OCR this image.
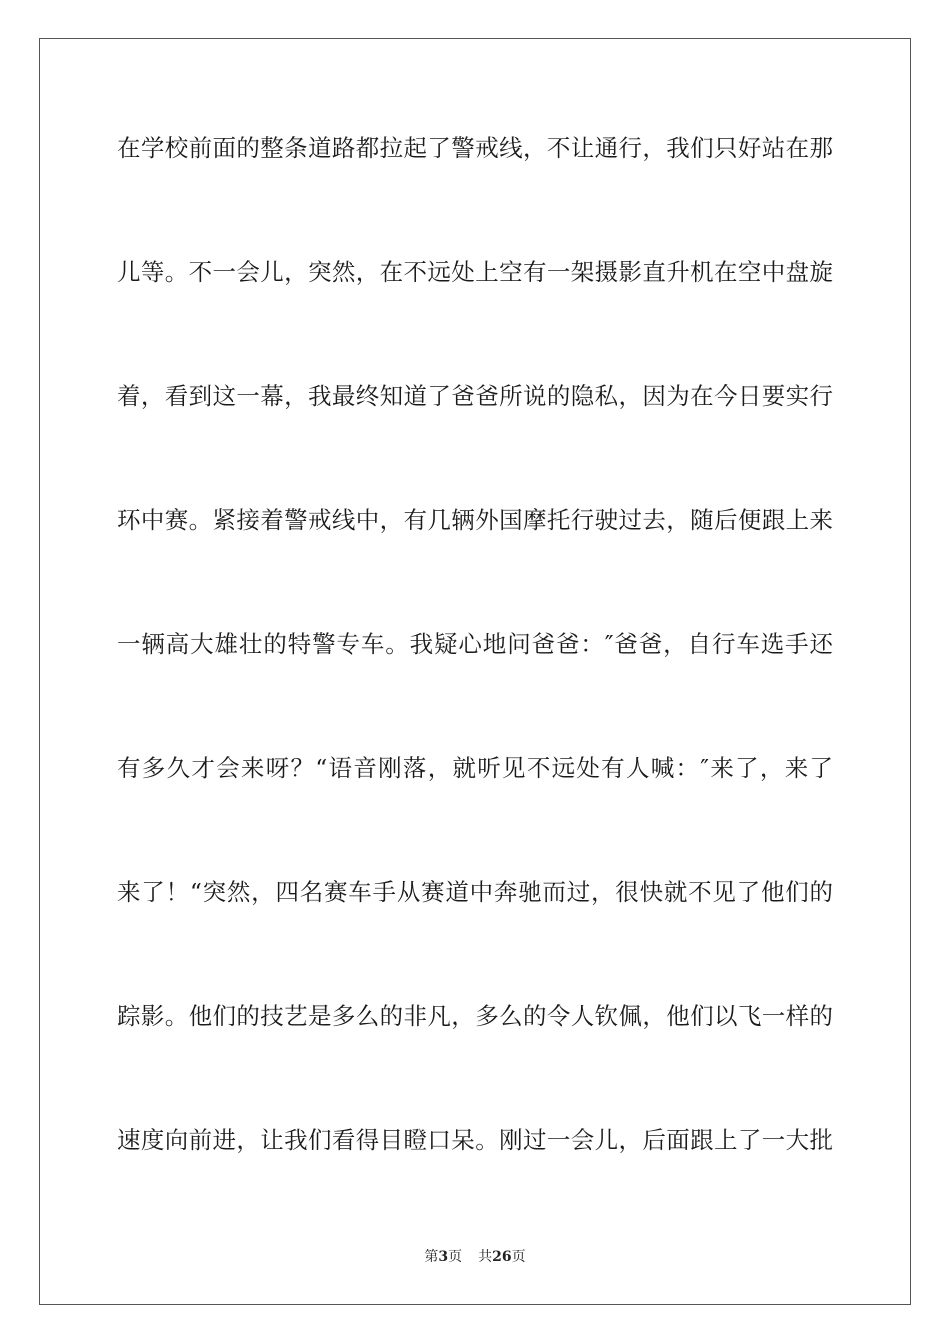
在学校前面的整条道路都拉起了警戒线，不让通行，我们只好站在那
儿等。不一会儿，突然，在不远处上空有一架摄影直升机在空中盘旋
着，看到这一幕，我最终知道了爸爸所说的隐私，因为在今日要实行
环中赛。紧接着警戒线中，有几辆外国摩托行驶过去，随后便跟上来
一辆高大雄壮的特警专车。我疑心地问爸爸：″爸爸，自行车选手还
有多久才会来呀？“语音刚落，就听见不远处有人喊：″来了，来了
来了！“突然，四名赛车手从赛道中奔驰而过，很快就不见了他们的
踪影。他们的技艺是多么的非凡，多么的令人钦佩，他们以飞一样的
速度向前进，让我们看得目瞪口呆。刚过一会儿，后面跟上了一大批
第3页 共26页
